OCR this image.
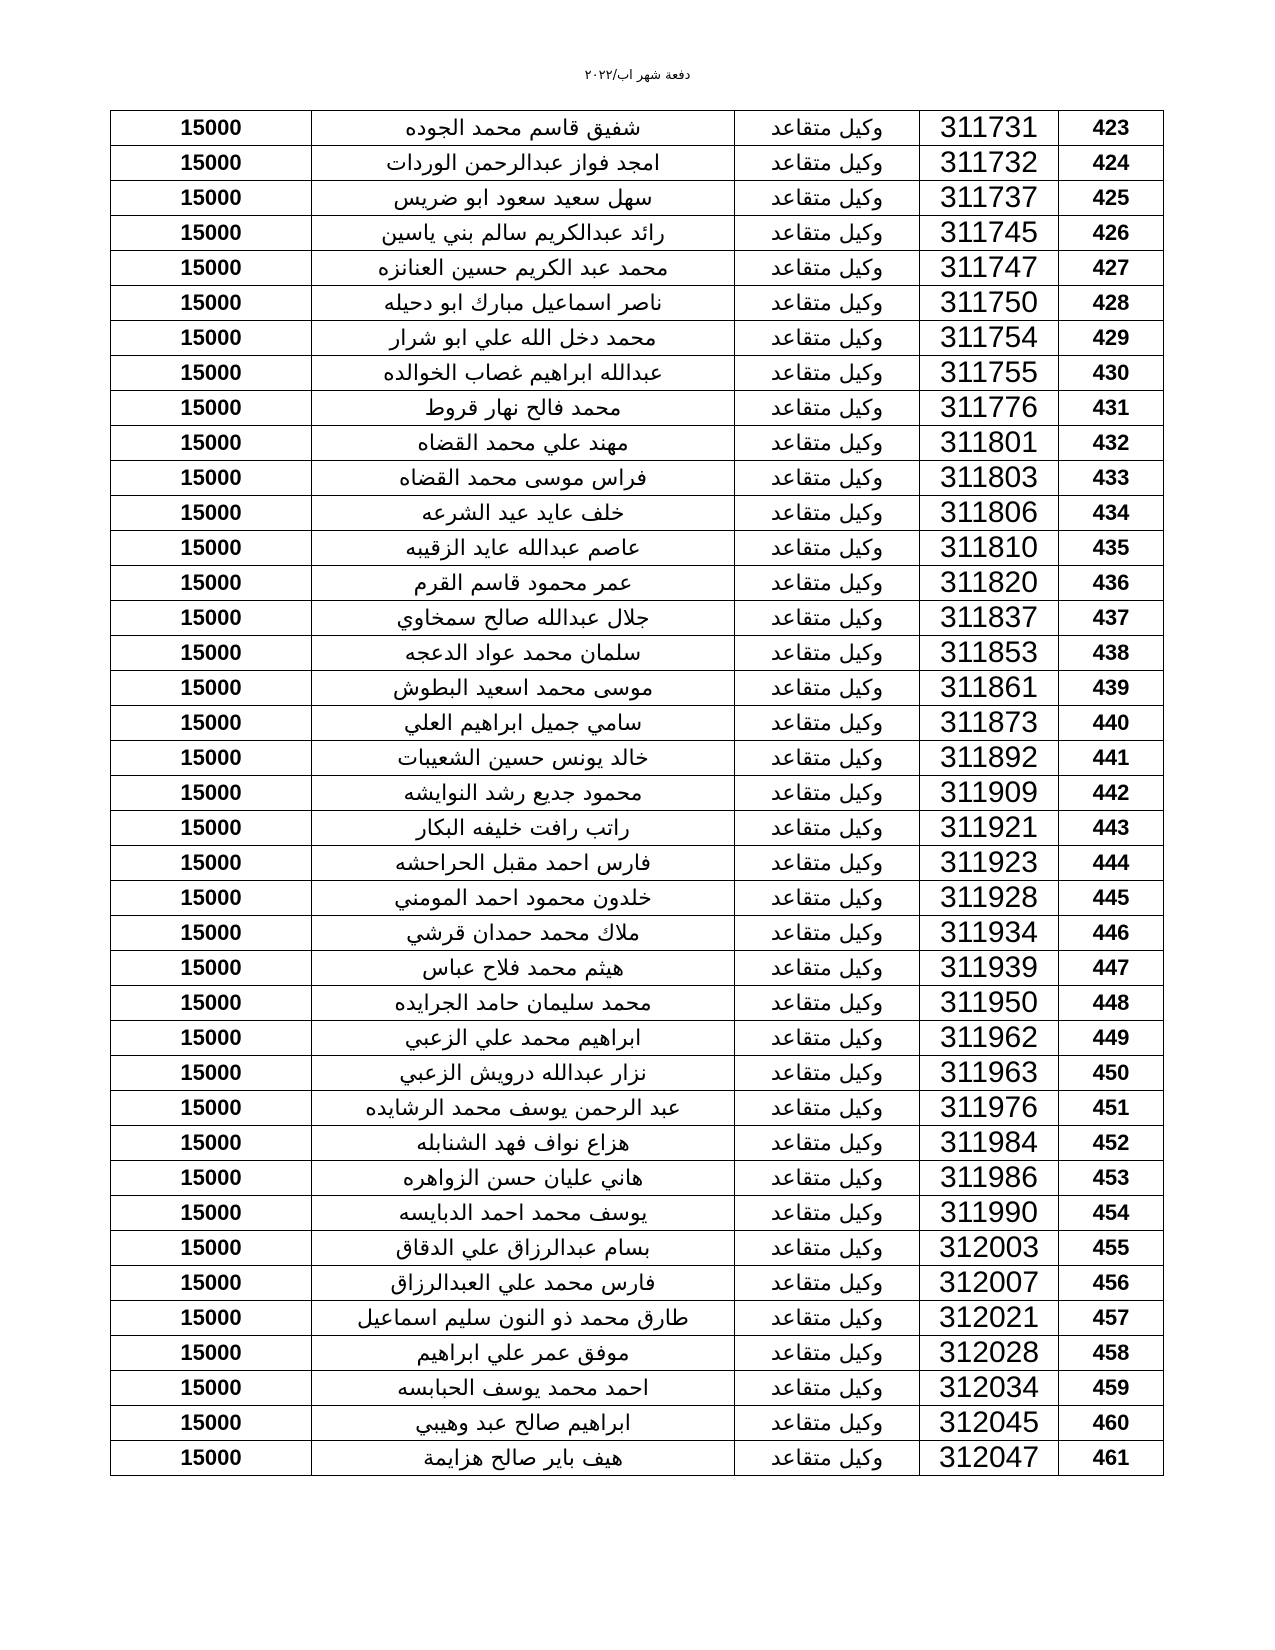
دفعة شهر اب/٢٠٢٢
423	311731	وكيل متقاعد	شفيق قاسم محمد الجوده	15000
424	311732	وكيل متقاعد	امجد فواز عبدالرحمن الوردات	15000
425	311737	وكيل متقاعد	سهل سعيد سعود ابو ضريس	15000
426	311745	وكيل متقاعد	رائد عبدالكريم سالم بني ياسين	15000
427	311747	وكيل متقاعد	محمد عبد الكريم حسين العنانزه	15000
428	311750	وكيل متقاعد	ناصر اسماعيل مبارك ابو دحيله	15000
429	311754	وكيل متقاعد	محمد دخل الله علي ابو شرار	15000
430	311755	وكيل متقاعد	عبدالله ابراهيم غصاب الخوالده	15000
431	311776	وكيل متقاعد	محمد فالح نهار قروط	15000
432	311801	وكيل متقاعد	مهند علي محمد القضاه	15000
433	311803	وكيل متقاعد	فراس موسى محمد القضاه	15000
434	311806	وكيل متقاعد	خلف عايد عيد الشرعه	15000
435	311810	وكيل متقاعد	عاصم عبدالله عايد الزقيبه	15000
436	311820	وكيل متقاعد	عمر محمود قاسم القرم	15000
437	311837	وكيل متقاعد	جلال عبدالله صالح سمخاوي	15000
438	311853	وكيل متقاعد	سلمان محمد عواد الدعجه	15000
439	311861	وكيل متقاعد	موسى محمد اسعيد البطوش	15000
440	311873	وكيل متقاعد	سامي جميل ابراهيم العلي	15000
441	311892	وكيل متقاعد	خالد يونس حسين الشعيبات	15000
442	311909	وكيل متقاعد	محمود جديع رشد النوايشه	15000
443	311921	وكيل متقاعد	راتب رافت خليفه البكار	15000
444	311923	وكيل متقاعد	فارس احمد مقبل الحراحشه	15000
445	311928	وكيل متقاعد	خلدون محمود احمد المومني	15000
446	311934	وكيل متقاعد	ملاك محمد حمدان قرشي	15000
447	311939	وكيل متقاعد	هيثم محمد فلاح عباس	15000
448	311950	وكيل متقاعد	محمد سليمان حامد الجرايده	15000
449	311962	وكيل متقاعد	ابراهيم محمد علي الزعبي	15000
450	311963	وكيل متقاعد	نزار عبدالله درويش الزعبي	15000
451	311976	وكيل متقاعد	عبد الرحمن يوسف محمد الرشايده	15000
452	311984	وكيل متقاعد	هزاع نواف فهد الشنابله	15000
453	311986	وكيل متقاعد	هاني عليان حسن الزواهره	15000
454	311990	وكيل متقاعد	يوسف محمد احمد الدبايسه	15000
455	312003	وكيل متقاعد	بسام عبدالرزاق علي الدقاق	15000
456	312007	وكيل متقاعد	فارس محمد علي العبدالرزاق	15000
457	312021	وكيل متقاعد	طارق محمد ذو النون سليم اسماعيل	15000
458	312028	وكيل متقاعد	موفق عمر علي ابراهيم	15000
459	312034	وكيل متقاعد	احمد محمد يوسف الحبابسه	15000
460	312045	وكيل متقاعد	ابراهيم صالح عبد وهيبي	15000
461	312047	وكيل متقاعد	هيف باير صالح هزايمة	15000
